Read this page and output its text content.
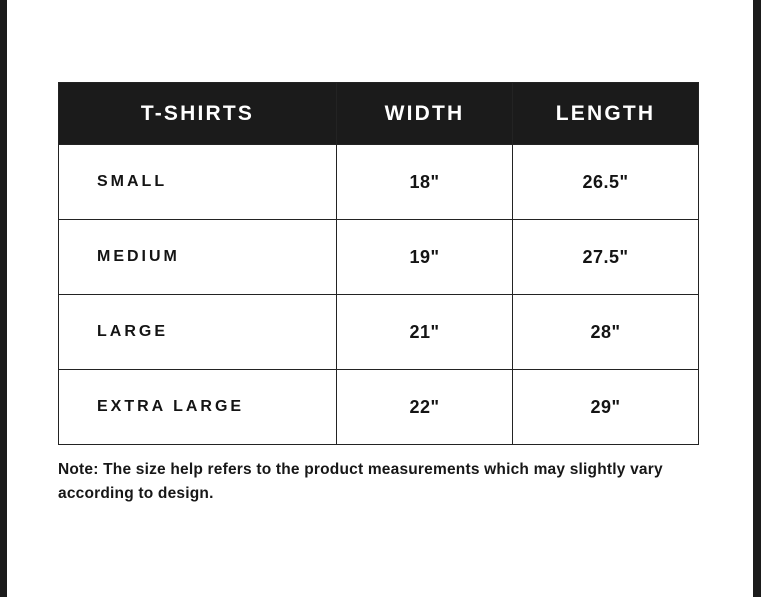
T-SHIRTS	WIDTH	LENGTH
SMALL	18"	26.5"
MEDIUM	19"	27.5"
LARGE	21"	28"
EXTRA LARGE	22"	29"
Note: The size help refers to the product measurements which may slightly vary according to design.
